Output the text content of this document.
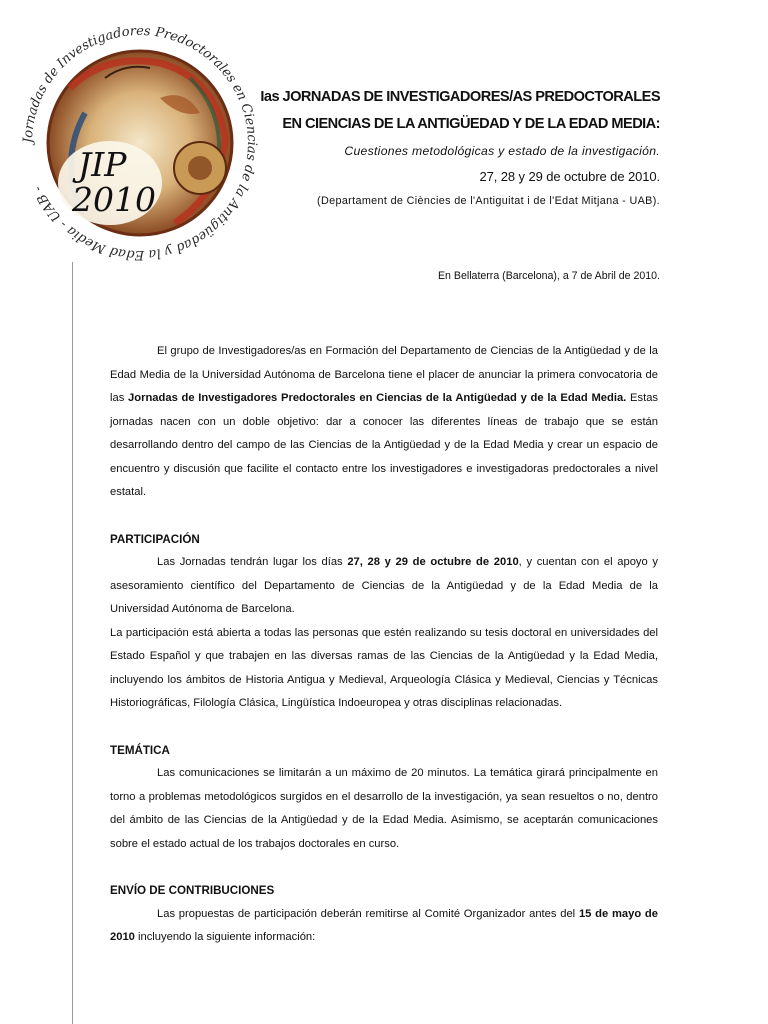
JIP
2010
Jornadas de Investigadores Predoctorales en Ciencias de la Antigüedad y la Edad Media - UAB -
Ias JORNADAS DE INVESTIGADORES/AS PREDOCTORALES
EN CIENCIAS DE LA ANTIGÜEDAD Y DE LA EDAD MEDIA:
Cuestiones metodológicas y estado de la investigación.
27, 28 y 29 de octubre de 2010.
(Departament de Ciències de l'Antiguitat i de l'Edat Mitjana - UAB).
En Bellaterra (Barcelona), a 7 de Abril de 2010.

El grupo de Investigadores/as en Formación del Departamento de Ciencias de la Antigüedad y de la Edad Media de la Universidad Autónoma de Barcelona tiene el placer de anunciar la primera convocatoria de las Jornadas de Investigadores Predoctorales en Ciencias de la Antigüedad y de la Edad Media. Estas jornadas nacen con un doble objetivo: dar a conocer las diferentes líneas de trabajo que se están desarrollando dentro del campo de las Ciencias de la Antigüedad y de la Edad Media y crear un espacio de encuentro y discusión que facilite el contacto entre los investigadores e investigadoras predoctorales a nivel estatal.

PARTICIPACIÓN

Las Jornadas tendrán lugar los días 27, 28 y 29 de octubre de 2010, y cuentan con el apoyo y asesoramiento científico del Departamento de Ciencias de la Antigüedad y de la Edad Media de la Universidad Autónoma de Barcelona.

La participación está abierta a todas las personas que estén realizando su tesis doctoral en universidades del Estado Español y que trabajen en las diversas ramas de las Ciencias de la Antigüedad y la Edad Media, incluyendo los ámbitos de Historia Antigua y Medieval, Arqueología Clásica y Medieval, Ciencias y Técnicas Historiográficas, Filología Clásica, Lingüística Indoeuropea y otras disciplinas relacionadas.

TEMÁTICA

Las comunicaciones se limitarán a un máximo de 20 minutos. La temática girará principalmente en torno a problemas metodológicos surgidos en el desarrollo de la investigación, ya sean resueltos o no, dentro del ámbito de las Ciencias de la Antigüedad y de la Edad Media. Asimismo, se aceptarán comunicaciones sobre el estado actual de los trabajos doctorales en curso.

ENVÍO DE CONTRIBUCIONES

Las propuestas de participación deberán remitirse al Comité Organizador antes del 15 de mayo de 2010 incluyendo la siguiente información:
